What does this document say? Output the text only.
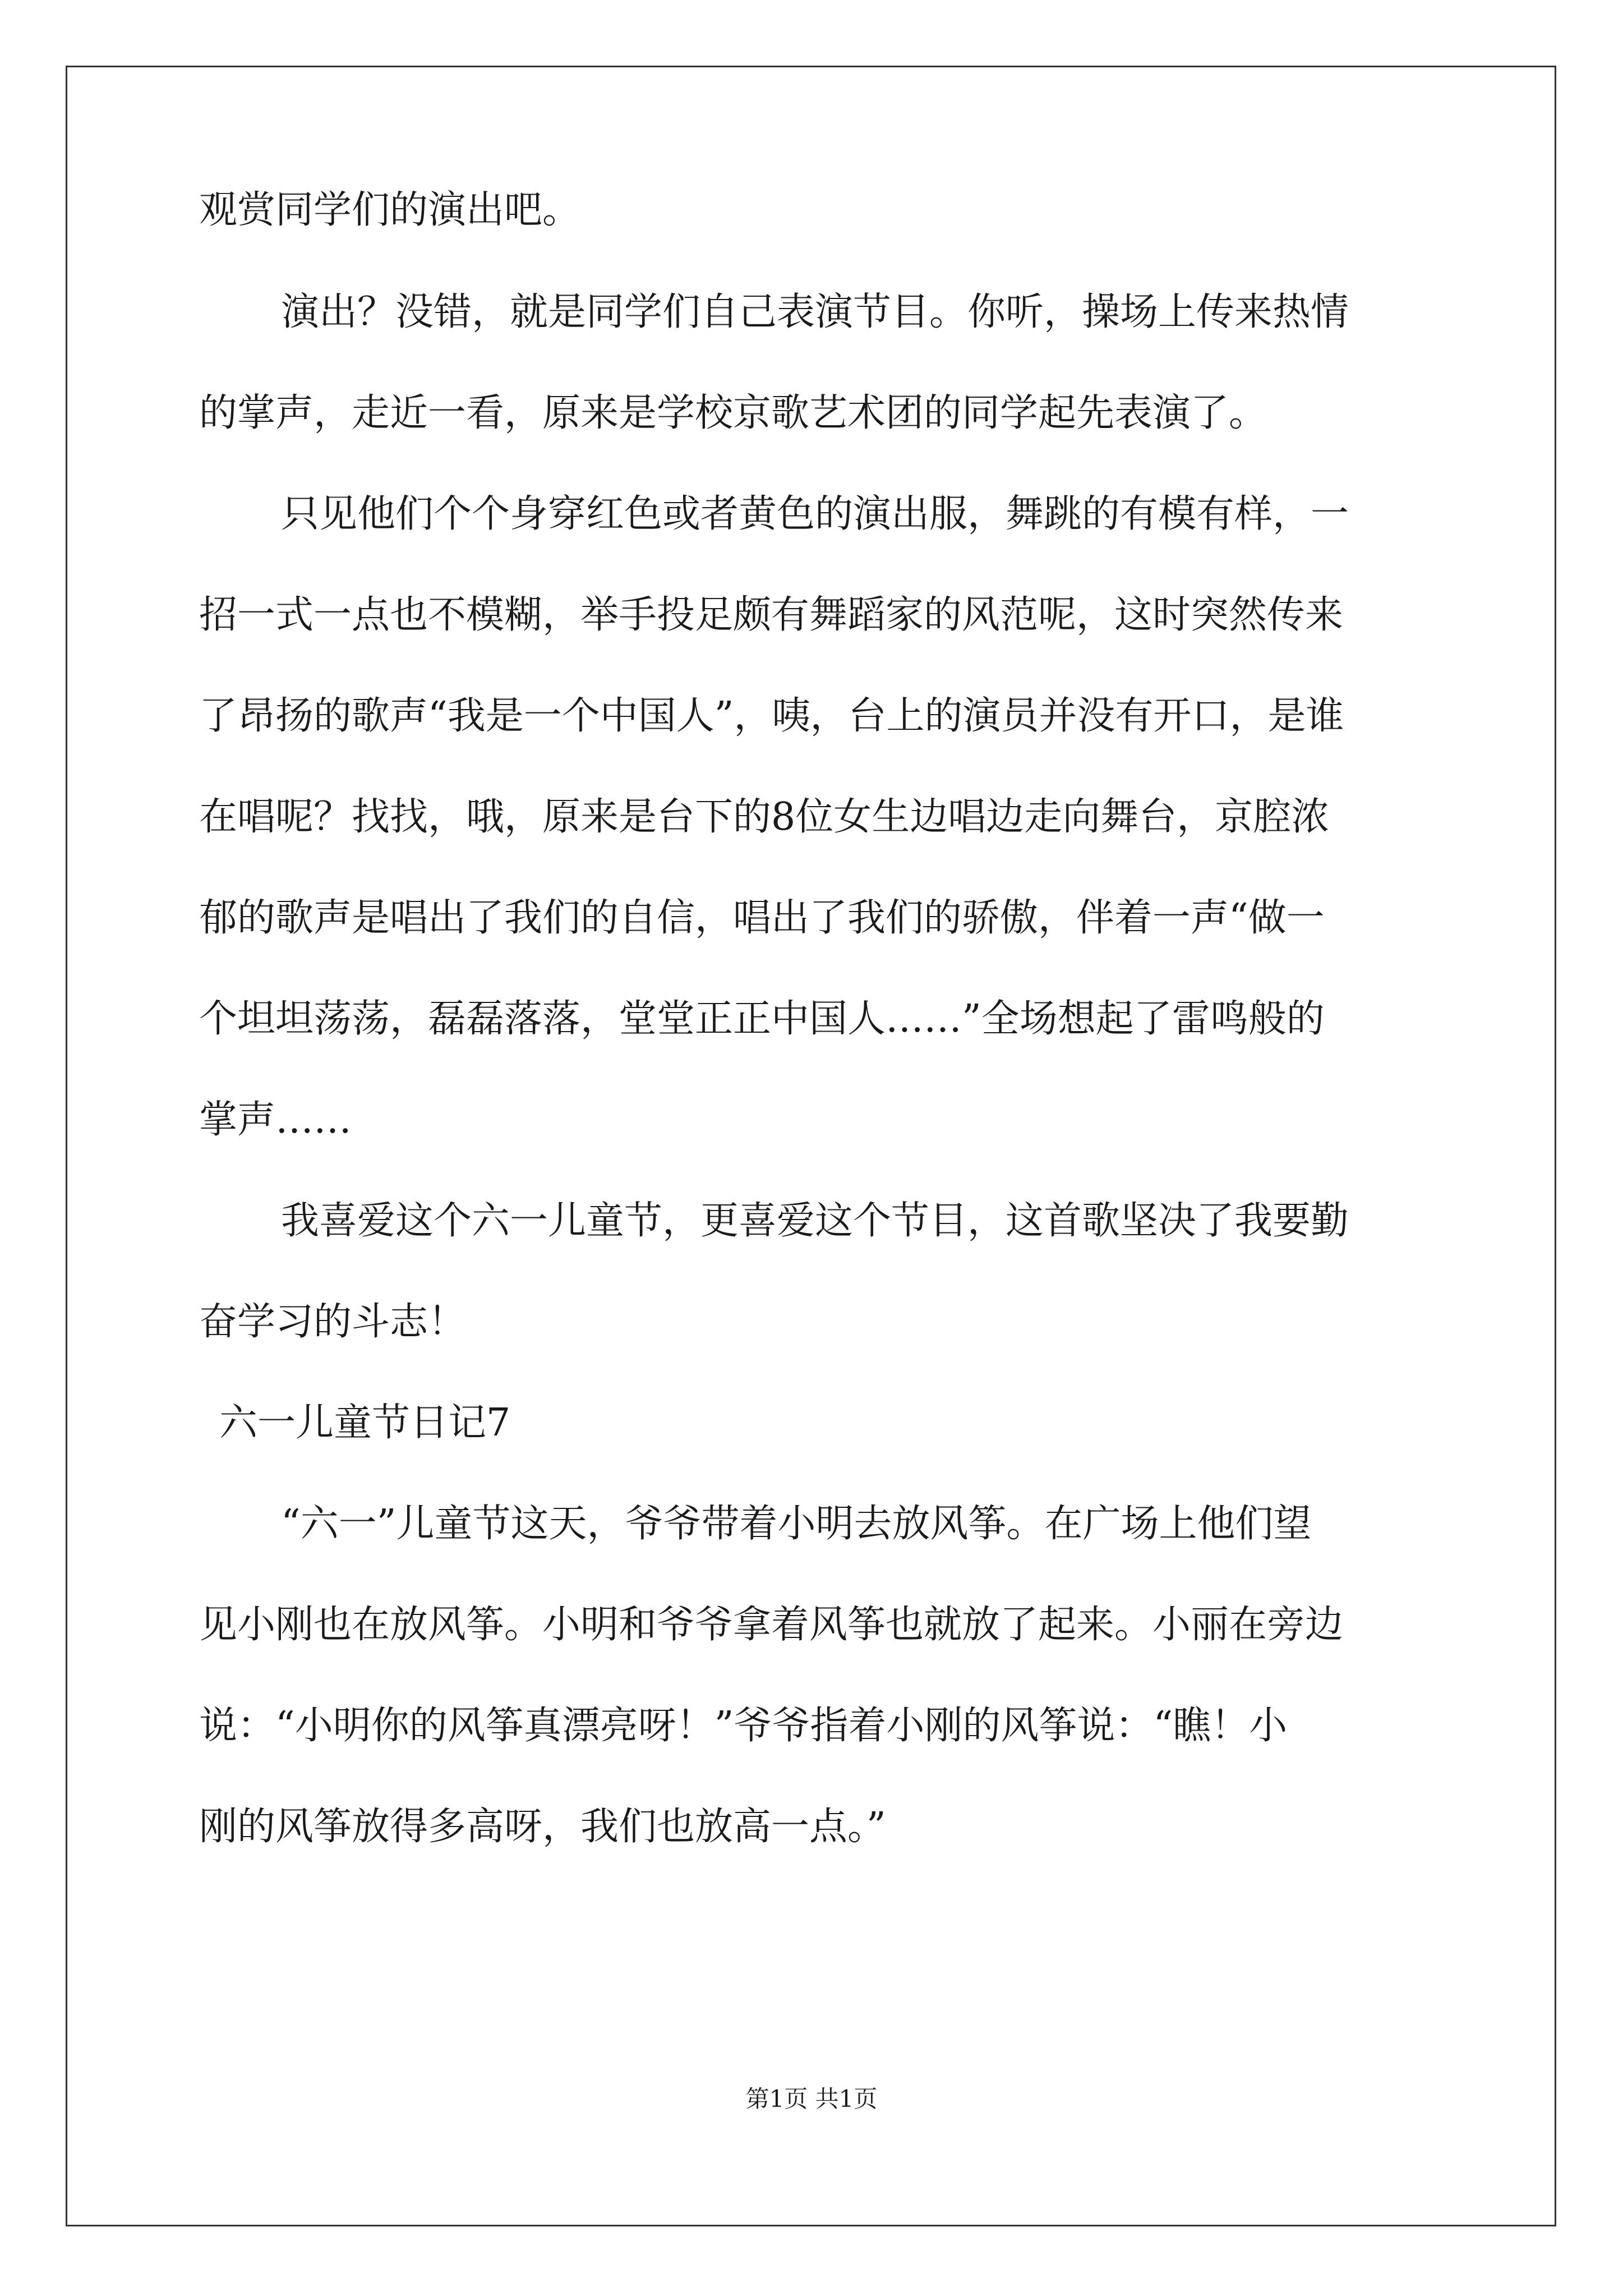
观赏同学们的演出吧。
演出？没错，就是同学们自己表演节目。你听，操场上传来热情
的掌声，走近一看，原来是学校京歌艺术团的同学起先表演了。
只见他们个个身穿红色或者黄色的演出服，舞跳的有模有样，一
招一式一点也不模糊，举手投足颇有舞蹈家的风范呢，这时突然传来
了昂扬的歌声“我是一个中国人”，咦，台上的演员并没有开口，是谁
在唱呢？找找，哦，原来是台下的8位女生边唱边走向舞台，京腔浓
郁的歌声是唱出了我们的自信，唱出了我们的骄傲，伴着一声“做一
个坦坦荡荡，磊磊落落，堂堂正正中国人……”全场想起了雷鸣般的
掌声……
我喜爱这个六一儿童节，更喜爱这个节目，这首歌坚决了我要勤
奋学习的斗志！
六一儿童节日记7
“六一”儿童节这天，爷爷带着小明去放风筝。在广场上他们望
见小刚也在放风筝。小明和爷爷拿着风筝也就放了起来。小丽在旁边
说：“小明你的风筝真漂亮呀！”爷爷指着小刚的风筝说：“瞧！小
刚的风筝放得多高呀，我们也放高一点。”
第1页 共1页
